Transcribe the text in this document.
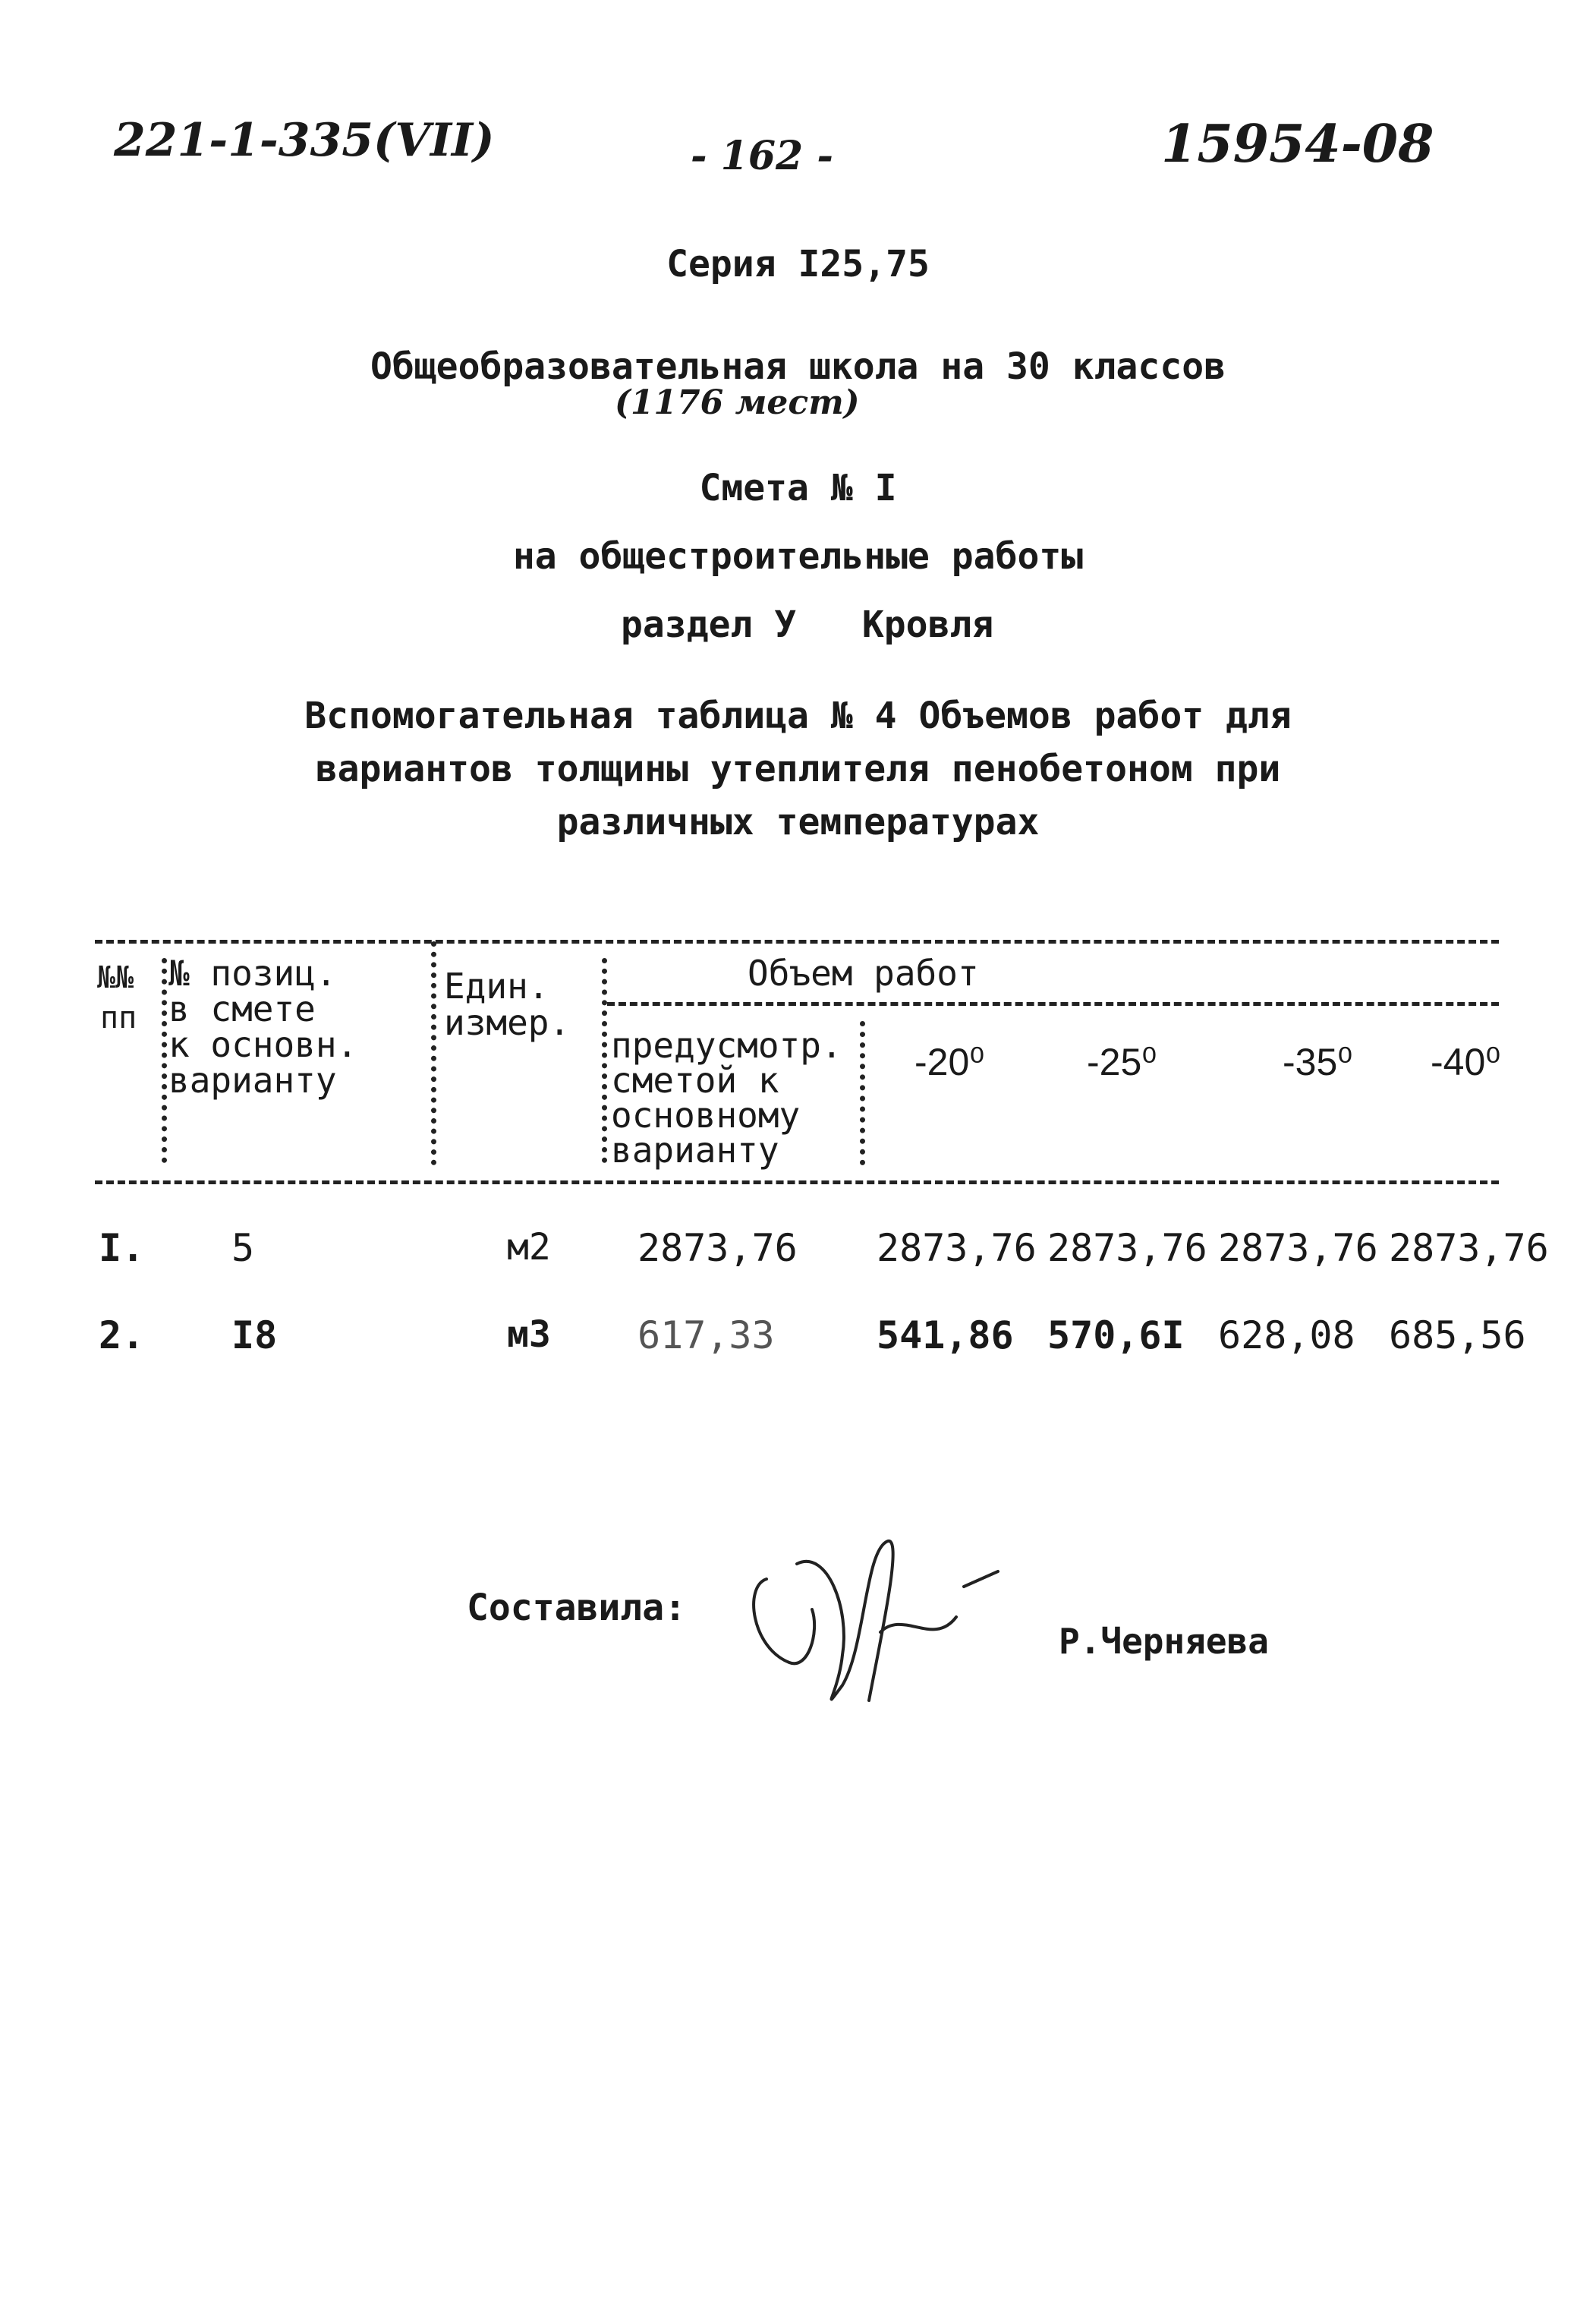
221-1-335(VII)	- 162 -	15954-08
Серия I25,75
Общеобразовательная школа на 30 классов
(1176 мест)
Смета № I
на общестроительные работы
раздел У   Кровля
Вспомогательная таблица № 4 Объемов работ для
вариантов толщины утеплителя пенобетоном при
различных температурах
№№
пп
№ позиц.
в смете
к основн.
варианту
Един.
измер.
Объем работ
предусмотр.
сметой к
основному
варианту
-20⁰	-25⁰	-35⁰ -40⁰
I. 5	м2 2873,76 2873,76 2873,76 2873,76 2873,76
2. I8	м3 617,33	541,86 570,6I 628,08 685,56
Составила:
Р.Черняева
